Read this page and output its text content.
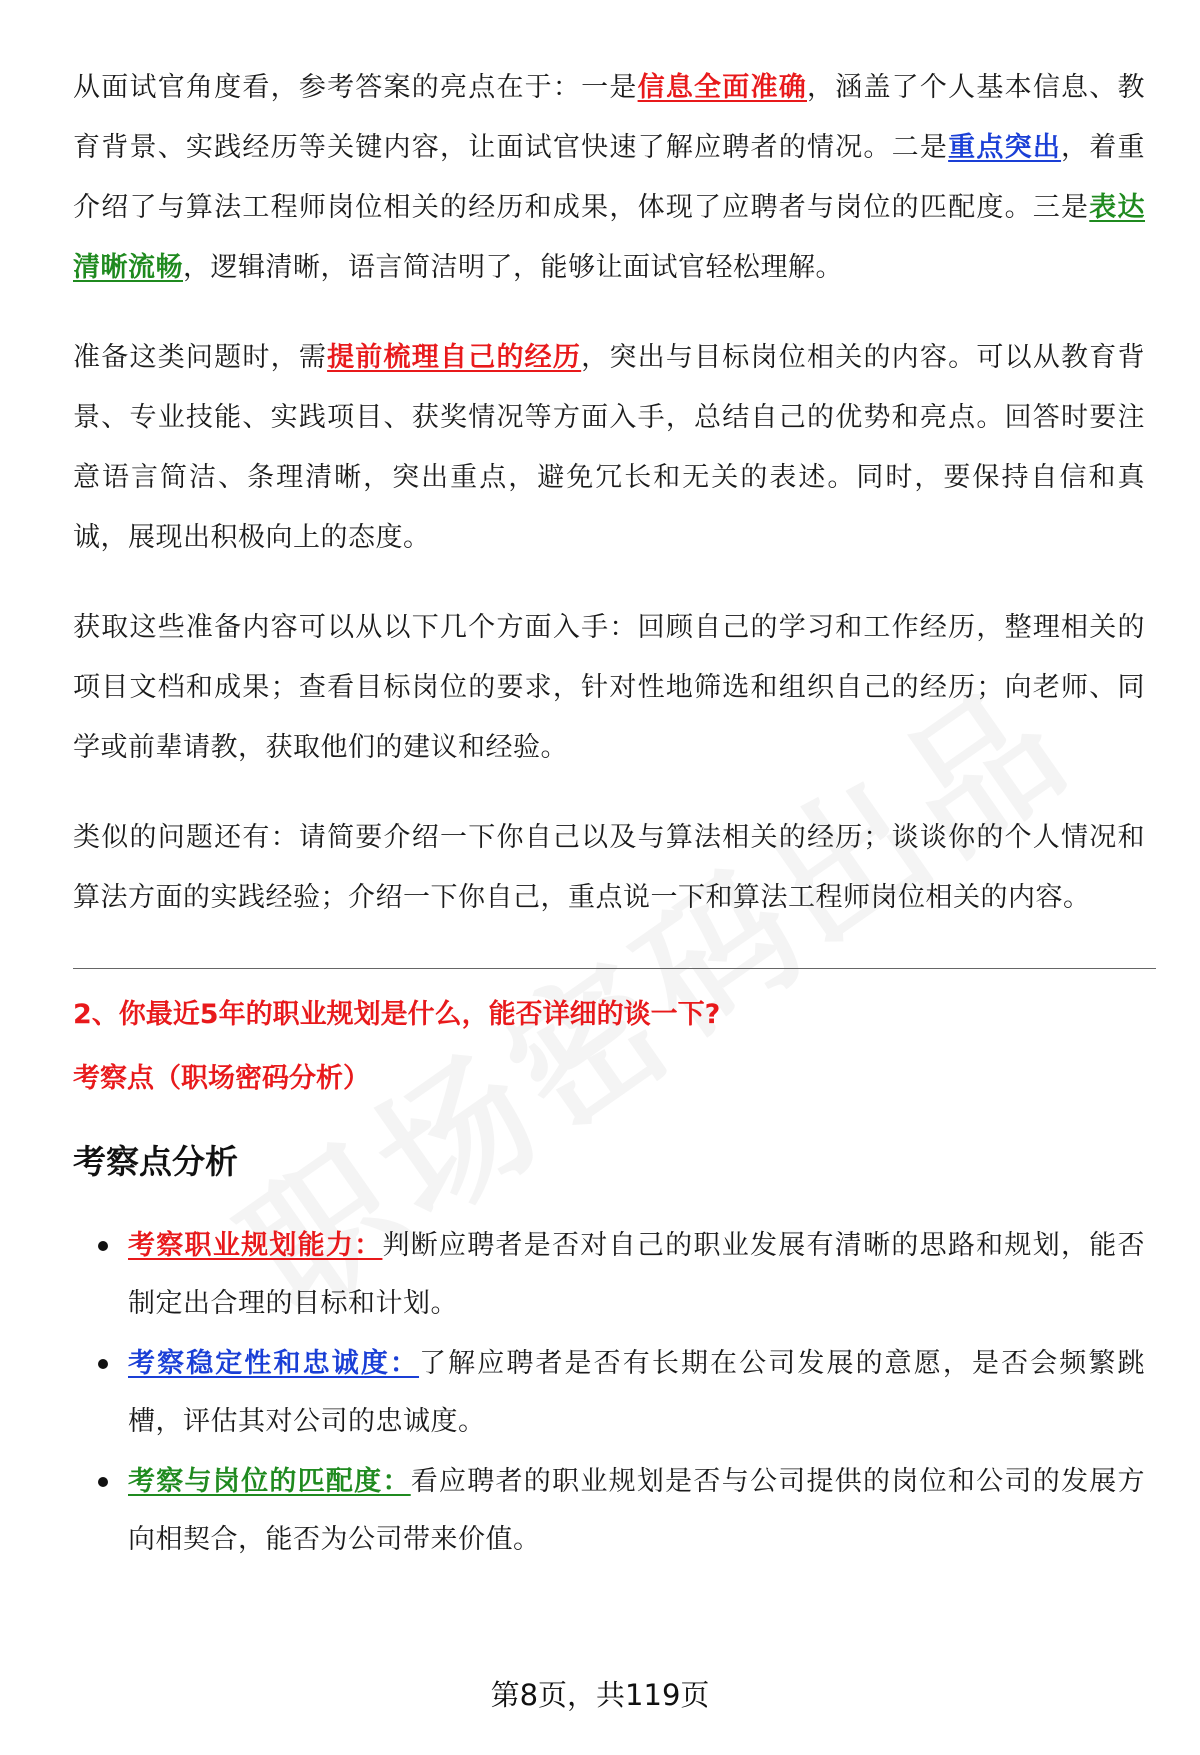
从面试官角度看，参考答案的亮点在于：一是信息全面准确，涵盖了个人基本信息、教育背景、实践经历等关键内容，让面试官快速了解应聘者的情况。二是重点突出，着重介绍了与算法工程师岗位相关的经历和成果，体现了应聘者与岗位的匹配度。三是表达清晰流畅，逻辑清晰，语言简洁明了，能够让面试官轻松理解。

准备这类问题时，需提前梳理自己的经历，突出与目标岗位相关的内容。可以从教育背景、专业技能、实践项目、获奖情况等方面入手，总结自己的优势和亮点。回答时要注意语言简洁、条理清晰，突出重点，避免冗长和无关的表述。同时，要保持自信和真诚，展现出积极向上的态度。

获取这些准备内容可以从以下几个方面入手：回顾自己的学习和工作经历，整理相关的项目文档和成果；查看目标岗位的要求，针对性地筛选和组织自己的经历；向老师、同学或前辈请教，获取他们的建议和经验。

类似的问题还有：请简要介绍一下你自己以及与算法相关的经历；谈谈你的个人情况和算法方面的实践经验；介绍一下你自己，重点说一下和算法工程师岗位相关的内容。

2、你最近5年的职业规划是什么，能否详细的谈一下?
考察点（职场密码分析）
考察点分析
考察职业规划能力：判断应聘者是否对自己的职业发展有清晰的思路和规划，能否制定出合理的目标和计划。
考察稳定性和忠诚度：了解应聘者是否有长期在公司发展的意愿，是否会频繁跳槽，评估其对公司的忠诚度。
考察与岗位的匹配度：看应聘者的职业规划是否与公司提供的岗位和公司的发展方向相契合，能否为公司带来价值。
第8页，共119页
